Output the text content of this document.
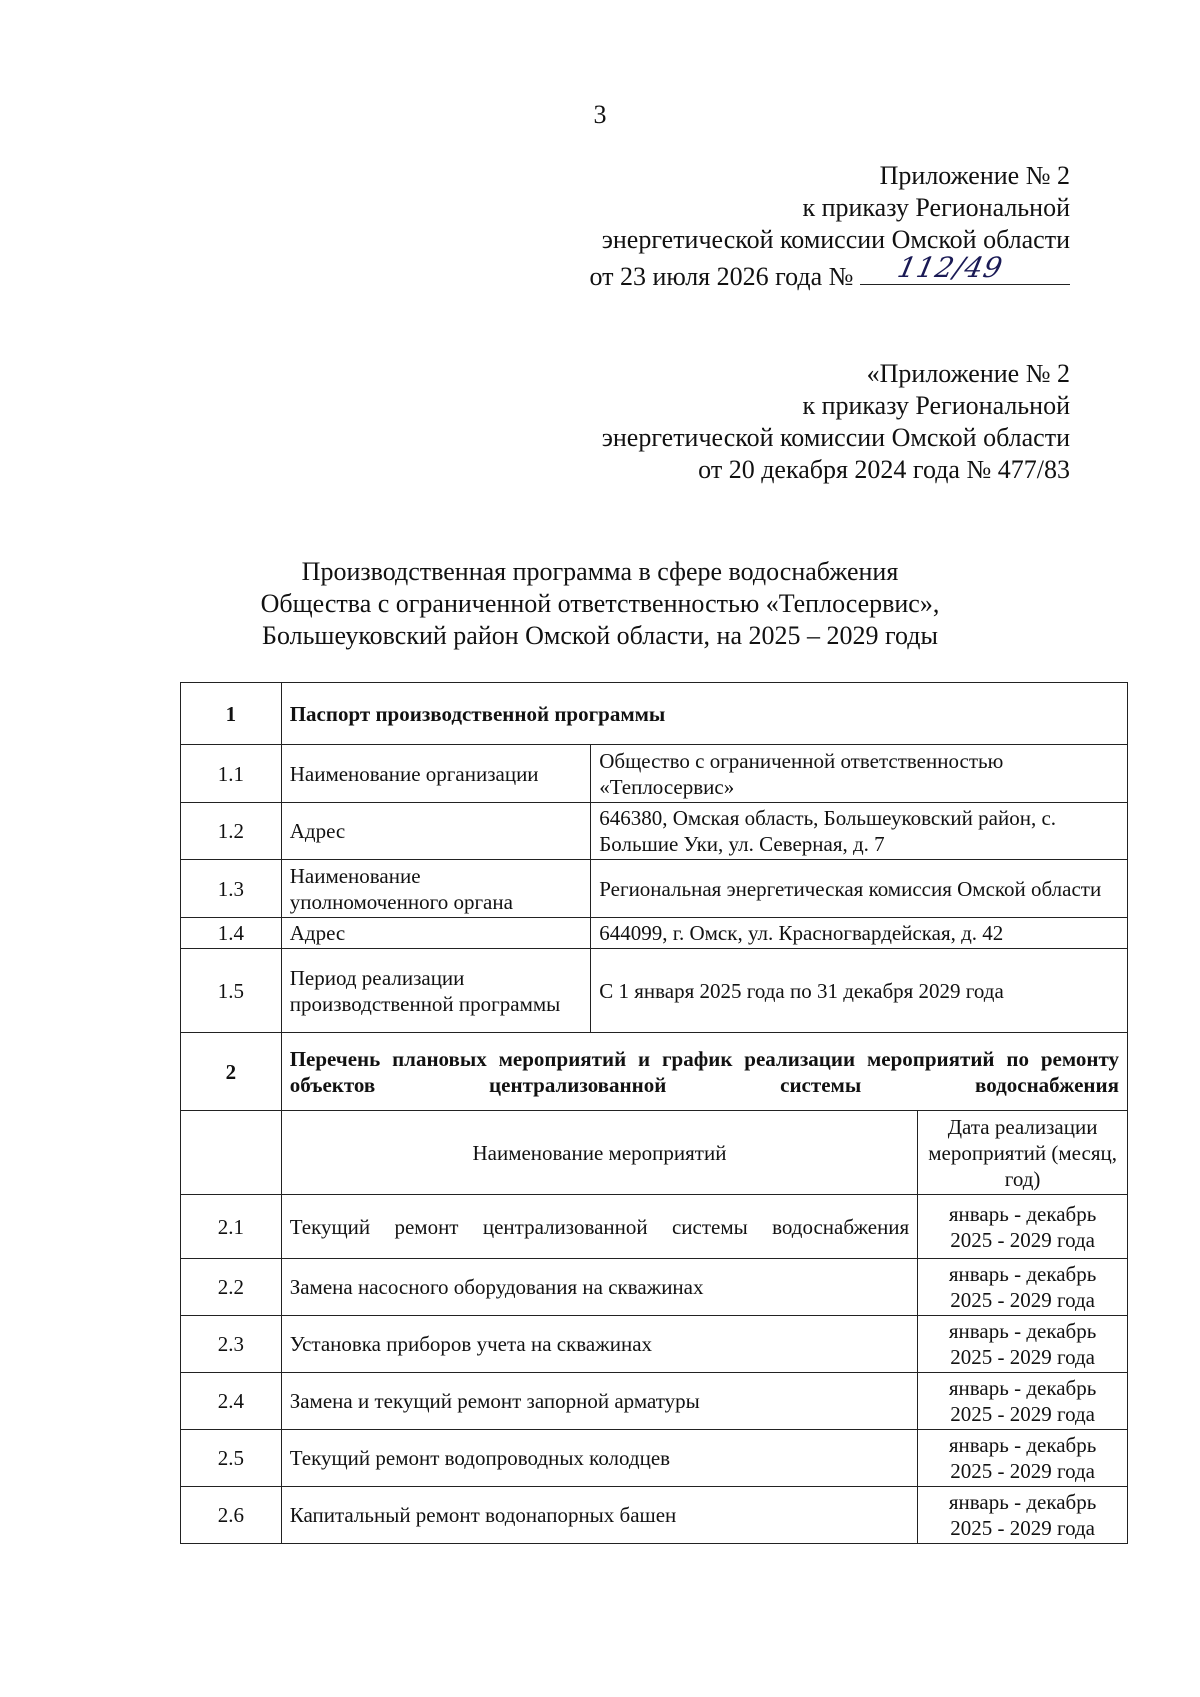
3
Приложение № 2
к приказу Региональной
энергетической комиссии Омской области
от 23 июля 2026 года № 112/49
«Приложение № 2
к приказу Региональной
энергетической комиссии Омской области
от 20 декабря 2024 года № 477/83
Производственная программа в сфере водоснабжения
Общества с ограниченной ответственностью «Теплосервис»,
Большеуковский район Омской области, на 2025 – 2029 годы
1	Паспорт производственной программы		
1.1	Наименование организации	Общество с ограниченной ответственностью «Теплосервис»	
1.2	Адрес	646380, Омская область, Большеуковский район, с. Большие Уки, ул. Северная, д. 7	
1.3	Наименование уполномоченного органа	Региональная энергетическая комиссия Омской области	
1.4	Адрес	644099, г. Омск, ул. Красногвардейская, д. 42	
1.5	Период реализации производственной программы	С 1 января 2025 года по 31 декабря 2029 года	
2	Перечень плановых мероприятий и график реализации мероприятий по ремонту объектов централизованной системы водоснабжения		
	Наименование мероприятий		Дата реализации мероприятий (месяц, год)
2.1	Текущий ремонт централизованной системы водоснабжения		январь - декабрь
2025 - 2029 года

2.2	Замена насосного оборудования на скважинах		январь - декабрь
2025 - 2029 года

2.3	Установка приборов учета на скважинах		январь - декабрь
2025 - 2029 года

2.4	Замена и текущий ремонт запорной арматуры		январь - декабрь
2025 - 2029 года

2.5	Текущий ремонт водопроводных колодцев		январь - декабрь
2025 - 2029 года

2.6	Капитальный ремонт водонапорных башен		январь - декабрь
2025 - 2029 года
